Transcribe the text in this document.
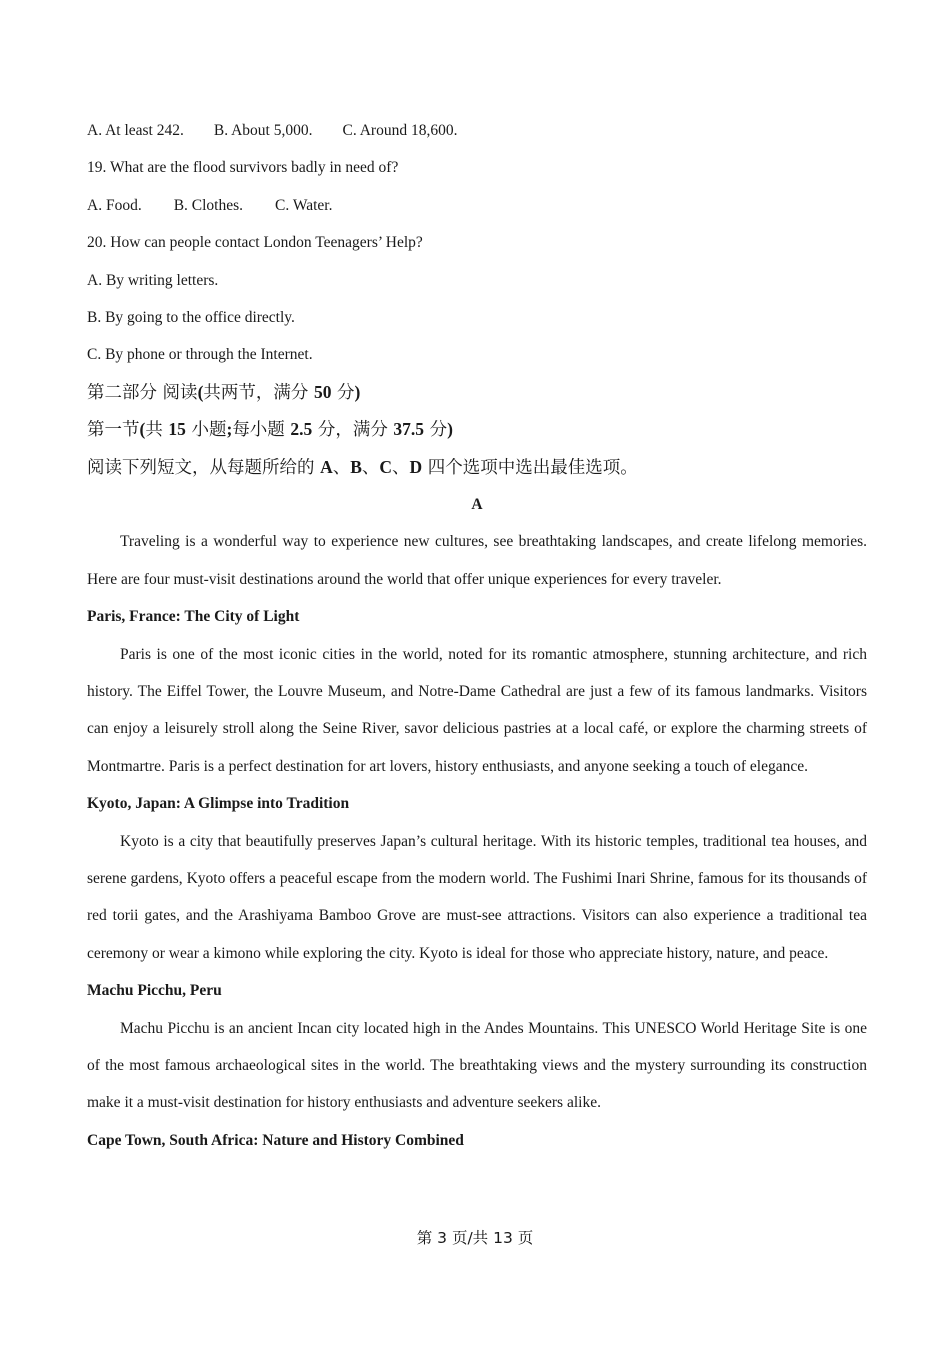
A. At least 242. B. About 5,000. C. Around 18,600.
19. What are the flood survivors badly in need of?
A. Food. B. Clothes. C. Water.
20. How can people contact London Teenagers’ Help?
A. By writing letters.
B. By going to the office directly.
C. By phone or through the Internet.
第二部分 阅读(共两节，满分 50 分)
第一节(共 15 小题;每小题 2.5 分，满分 37.5 分)
阅读下列短文，从每题所给的 A、B、C、D 四个选项中选出最佳选项。
A

Traveling is a wonderful way to experience new cultures, see breathtaking landscapes, and create lifelong memories. Here are four must-visit destinations around the world that offer unique experiences for every traveler.

Paris, France: The City of Light

Paris is one of the most iconic cities in the world, noted for its romantic atmosphere, stunning architecture, and rich history. The Eiffel Tower, the Louvre Museum, and Notre-Dame Cathedral are just a few of its famous landmarks. Visitors can enjoy a leisurely stroll along the Seine River, savor delicious pastries at a local café, or explore the charming streets of Montmartre. Paris is a perfect destination for art lovers, history enthusiasts, and anyone seeking a touch of elegance.

Kyoto, Japan: A Glimpse into Tradition

Kyoto is a city that beautifully preserves Japan’s cultural heritage. With its historic temples, traditional tea houses, and serene gardens, Kyoto offers a peaceful escape from the modern world. The Fushimi Inari Shrine, famous for its thousands of red torii gates, and the Arashiyama Bamboo Grove are must-see attractions. Visitors can also experience a traditional tea ceremony or wear a kimono while exploring the city. Kyoto is ideal for those who appreciate history, nature, and peace.

Machu Picchu, Peru

Machu Picchu is an ancient Incan city located high in the Andes Mountains. This UNESCO World Heritage Site is one of the most famous archaeological sites in the world. The breathtaking views and the mystery surrounding its construction make it a must-visit destination for history enthusiasts and adventure seekers alike.

Cape Town, South Africa: Nature and History Combined
第 3 页/共 13 页
